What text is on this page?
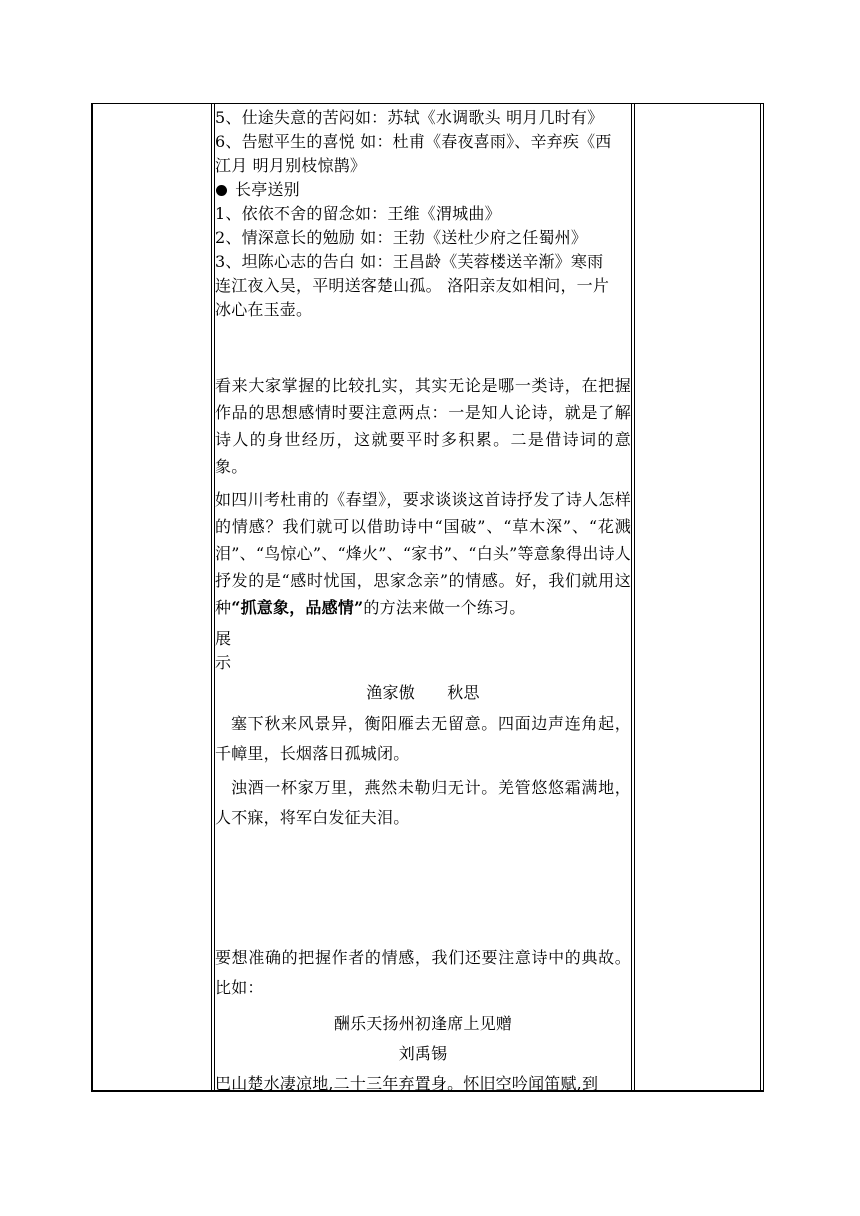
5、仕途失意的苦闷如：苏轼《水调歌头 明月几时有》
6、告慰平生的喜悦 如：杜甫《春夜喜雨》、辛弃疾《西
江月 明月别枝惊鹊》
长亭送别
1、依依不舍的留念如：王维《渭城曲》
2、情深意长的勉励 如：王勃《送杜少府之任蜀州》
3、坦陈心志的告白 如：王昌龄《芙蓉楼送辛渐》寒雨
连江夜入吴，平明送客楚山孤。 洛阳亲友如相问，一片
冰心在玉壶。
看来大家掌握的比较扎实，其实无论是哪一类诗，在把握作品的思想感情时要注意两点：一是知人论诗，就是了解诗人的身世经历，这就要平时多积累。二是借诗词的意象。
如四川考杜甫的《春望》，要求谈谈这首诗抒发了诗人怎样的情感？我们就可以借助诗中“国破”、“草木深”、“花溅泪”、“鸟惊心”、“烽火”、“家书”、“白头”等意象得出诗人抒发的是“感时忧国，思家念亲”的情感。好，我们就用这种“抓意象，品感情”的方法来做一个练习。
展
示
渔家傲　　秋思
塞下秋来风景异，衡阳雁去无留意。四面边声连角起，千幛里，长烟落日孤城闭。
浊酒一杯家万里，燕然未勒归无计。羌管悠悠霜满地，人不寐，将军白发征夫泪。
要想准确的把握作者的情感，我们还要注意诗中的典故。比如：
酬乐天扬州初逢席上见赠
刘禹锡
巴山楚水凄凉地,二十三年弃置身。怀旧空吟闻笛赋,到
